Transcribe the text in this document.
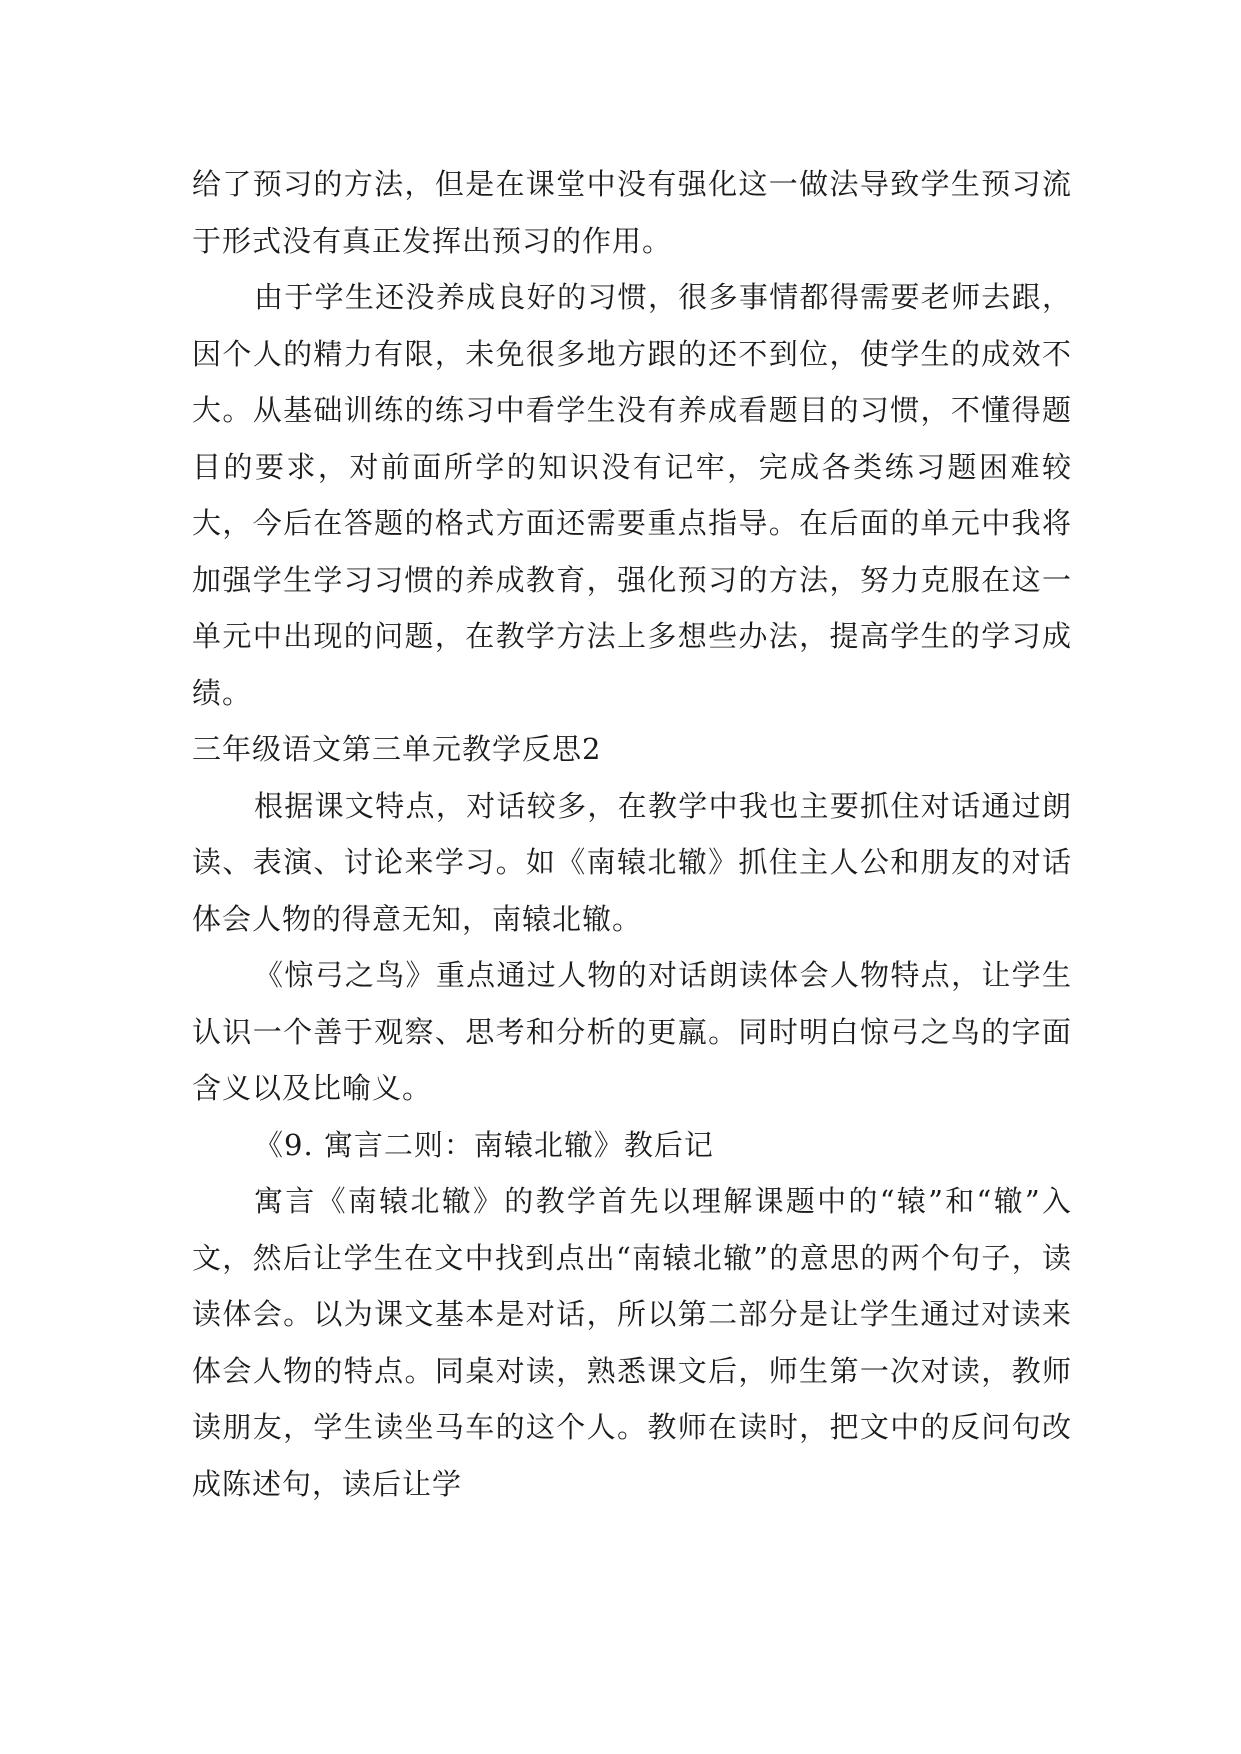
给了预习的方法，但是在课堂中没有强化这一做法导致学生预习流于形式没有真正发挥出预习的作用。

由于学生还没养成良好的习惯，很多事情都得需要老师去跟，因个人的精力有限，未免很多地方跟的还不到位，使学生的成效不大。从基础训练的练习中看学生没有养成看题目的习惯，不懂得题目的要求，对前面所学的知识没有记牢，完成各类练习题困难较大，今后在答题的格式方面还需要重点指导。在后面的单元中我将加强学生学习习惯的养成教育，强化预习的方法，努力克服在这一单元中出现的问题，在教学方法上多想些办法，提高学生的学习成绩。

三年级语文第三单元教学反思2

根据课文特点，对话较多，在教学中我也主要抓住对话通过朗读、表演、讨论来学习。如《南辕北辙》抓住主人公和朋友的对话体会人物的得意无知，南辕北辙。

《惊弓之鸟》重点通过人物的对话朗读体会人物特点，让学生认识一个善于观察、思考和分析的更羸。同时明白惊弓之鸟的字面含义以及比喻义。

《9. 寓言二则：南辕北辙》教后记

寓言《南辕北辙》的教学首先以理解课题中的“辕”和“辙”入文，然后让学生在文中找到点出“南辕北辙”的意思的两个句子，读读体会。以为课文基本是对话，所以第二部分是让学生通过对读来体会人物的特点。同桌对读，熟悉课文后，师生第一次对读，教师读朋友，学生读坐马车的这个人。教师在读时，把文中的反问句改成陈述句，读后让学
